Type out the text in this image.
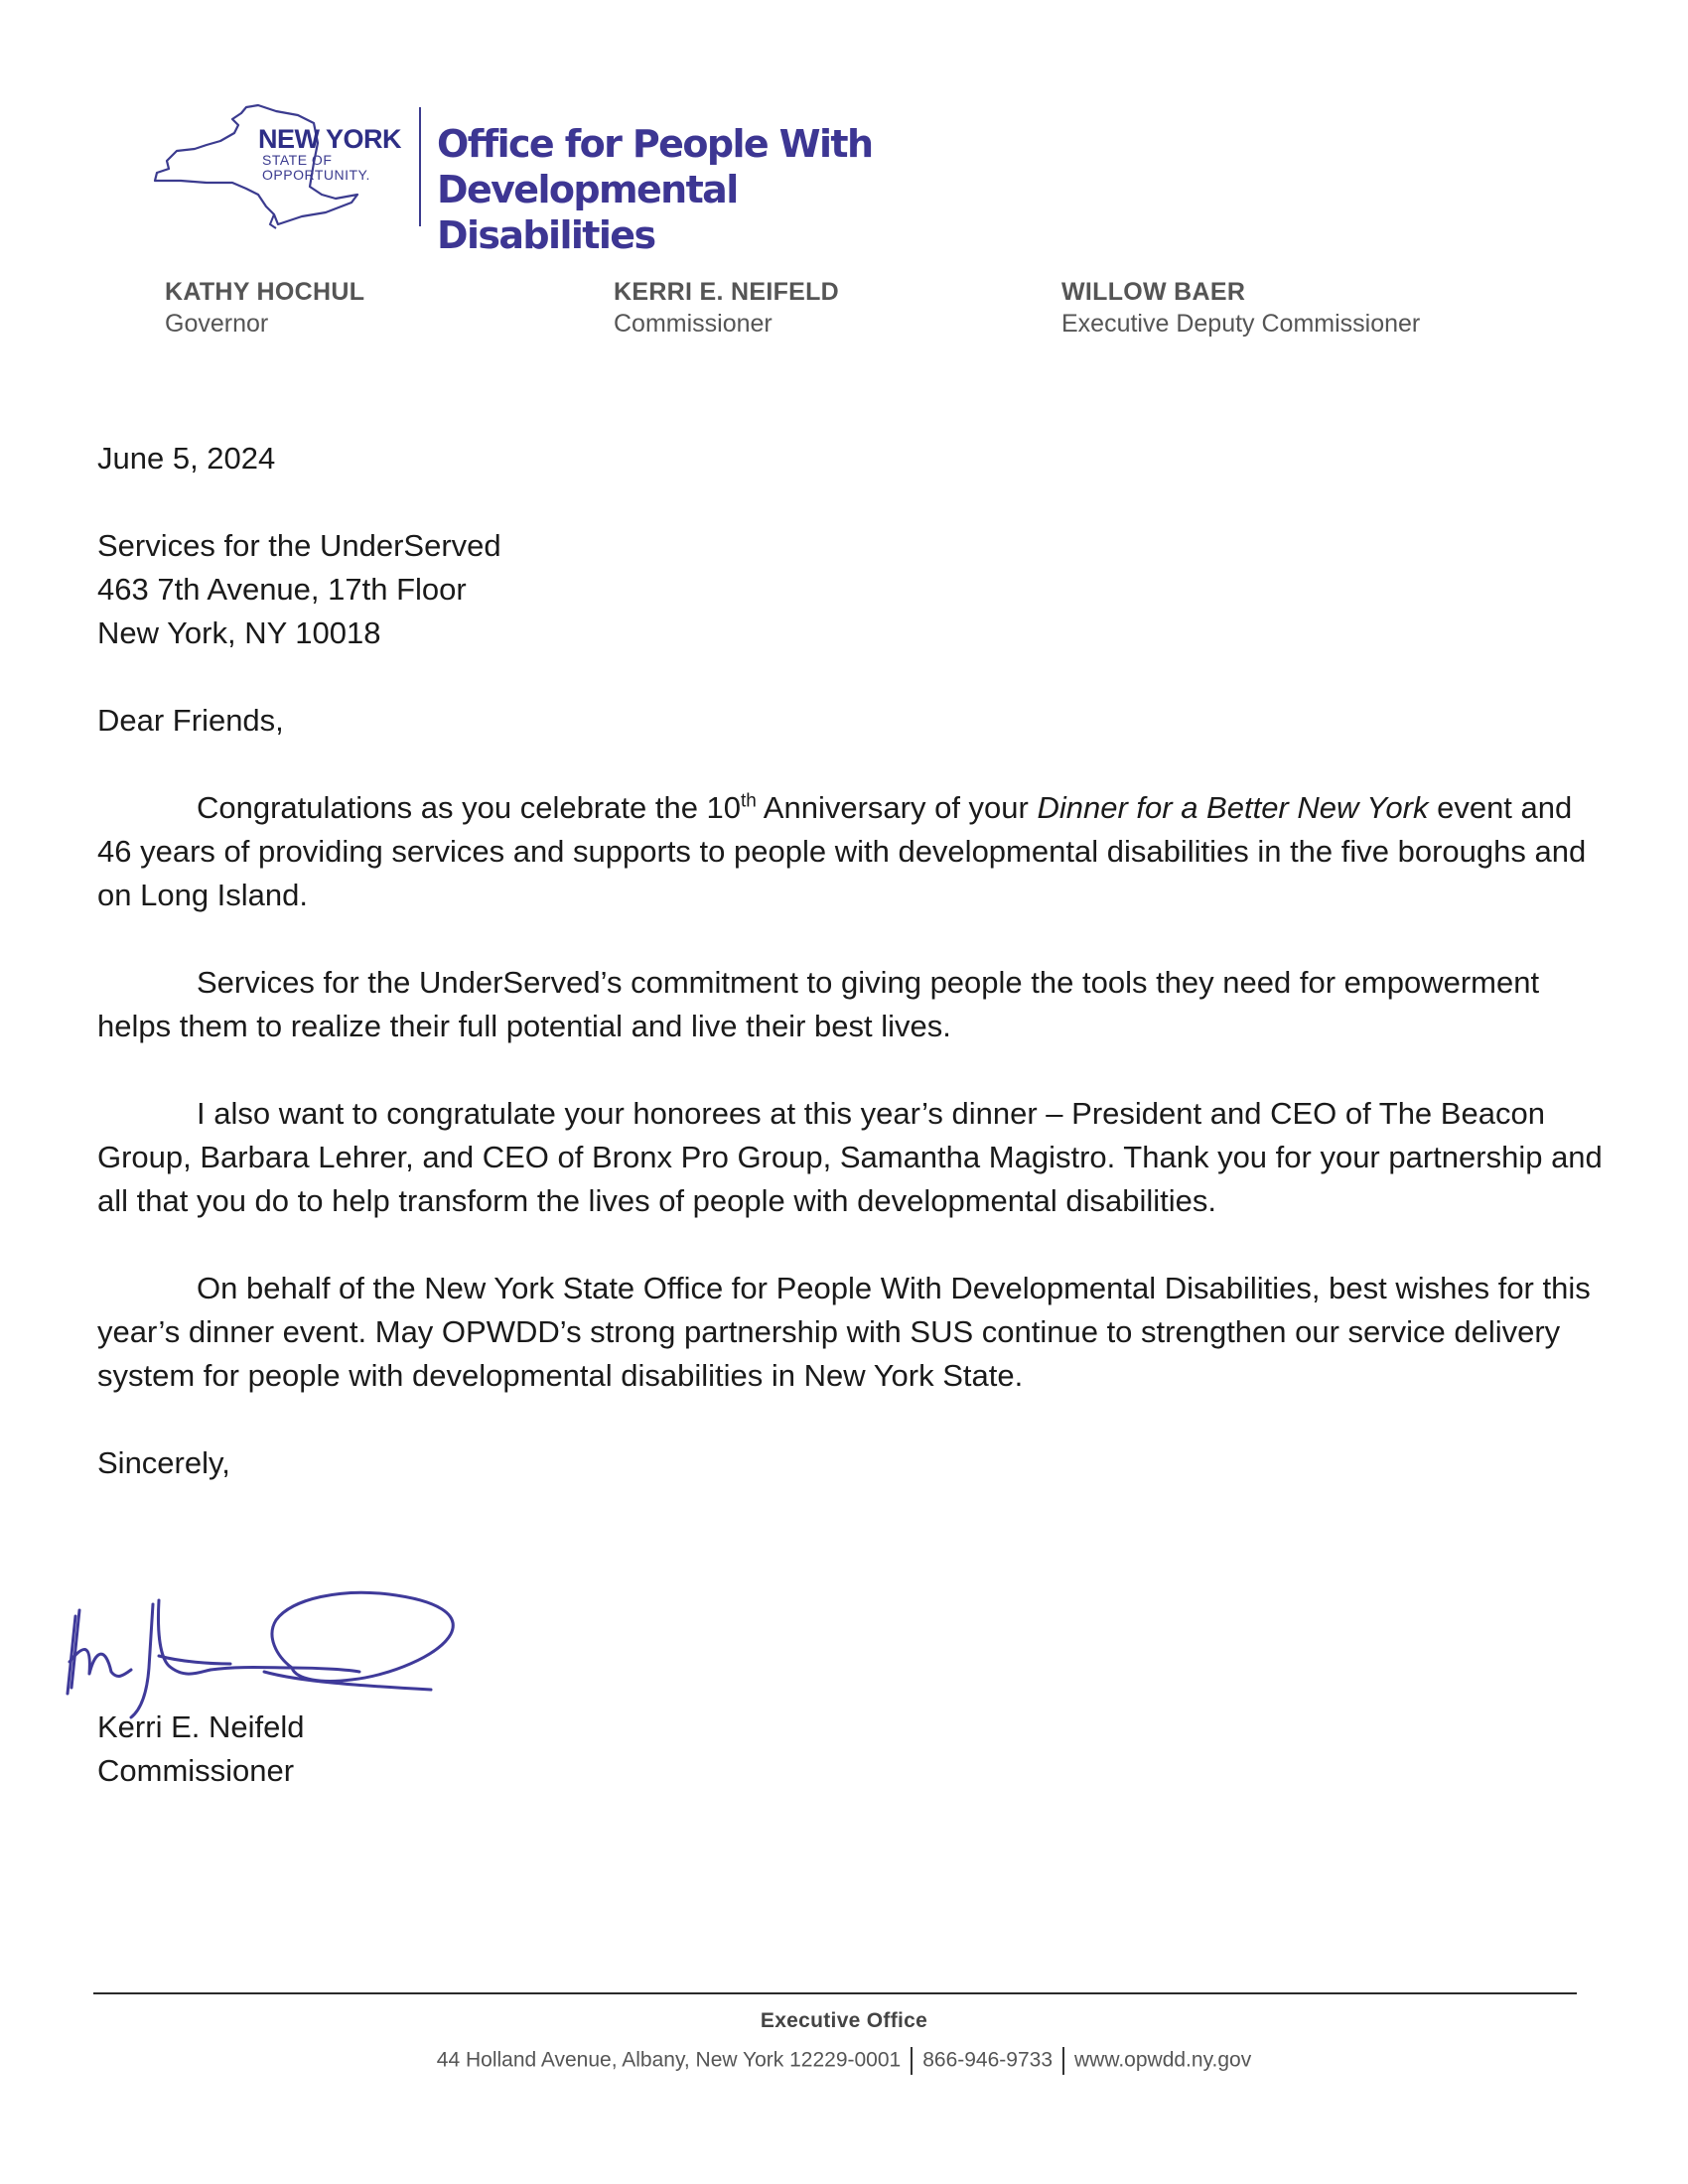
NEW YORK
STATE OF
OPPORTUNITY.
Office for People With
Developmental Disabilities
KATHY HOCHUL
Governor
KERRI E. NEIFELD
Commissioner
WILLOW BAER
Executive Deputy Commissioner

June 5, 2024

Services for the UnderServed

463 7th Avenue, 17th Floor

New York, NY 10018

Dear Friends,

Congratulations as you celebrate the 10th Anniversary of your Dinner for a Better New York event and 46 years of providing services and supports to people with developmental disabilities in the five boroughs and on Long Island.

Services for the UnderServed’s commitment to giving people the tools they need for empowerment helps them to realize their full potential and live their best lives.

I also want to congratulate your honorees at this year’s dinner – President and CEO of The Beacon Group, Barbara Lehrer, and CEO of Bronx Pro Group, Samantha Magistro. Thank you for your partnership and all that you do to help transform the lives of people with developmental disabilities.

On behalf of the New York State Office for People With Developmental Disabilities, best wishes for this year’s dinner event. May OPWDD’s strong partnership with SUS continue to strengthen our service delivery system for people with developmental disabilities in New York State.

Sincerely,

Kerri E. Neifeld
Commissioner
Executive Office
44 Holland Avenue, Albany, New York 12229-0001 866-946-9733 www.opwdd.ny.gov
